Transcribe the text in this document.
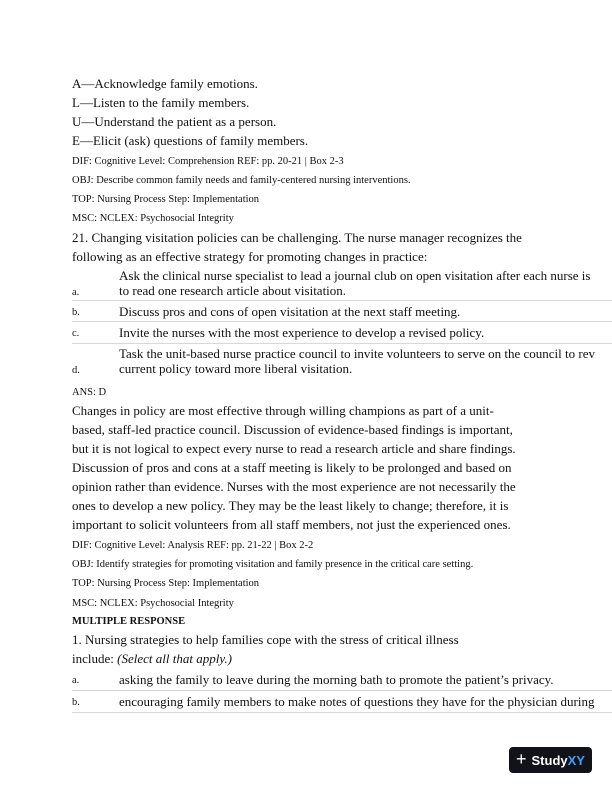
A—Acknowledge family emotions.
L—Listen to the family members.
U—Understand the patient as a person.
E—Elicit (ask) questions of family members.
DIF: Cognitive Level: Comprehension REF: pp. 20-21 | Box 2-3
OBJ: Describe common family needs and family-centered nursing interventions.
TOP: Nursing Process Step: Implementation
MSC: NCLEX: Psychosocial Integrity
21. Changing visitation policies can be challenging. The nurse manager recognizes the
following as an effective strategy for promoting changes in practice:
a.
Ask the clinical nurse specialist to lead a journal club on open visitation after each nurse is
to read one research article about visitation.
b.	Discuss pros and cons of open visitation at the next staff meeting.
c.	Invite the nurses with the most experience to develop a revised policy.
d.
Task the unit-based nurse practice council to invite volunteers to serve on the council to rev
current policy toward more liberal visitation.
ANS: D
Changes in policy are most effective through willing champions as part of a unit-
based, staff-led practice council. Discussion of evidence-based findings is important,
but it is not logical to expect every nurse to read a research article and share findings.
Discussion of pros and cons at a staff meeting is likely to be prolonged and based on
opinion rather than evidence. Nurses with the most experience are not necessarily the
ones to develop a new policy. They may be the least likely to change; therefore, it is
important to solicit volunteers from all staff members, not just the experienced ones.
DIF: Cognitive Level: Analysis REF: pp. 21-22 | Box 2-2
OBJ: Identify strategies for promoting visitation and family presence in the critical care setting.
TOP: Nursing Process Step: Implementation
MSC: NCLEX: Psychosocial Integrity
MULTIPLE RESPONSE
1. Nursing strategies to help families cope with the stress of critical illness
include: (Select all that apply.)
a.	asking the family to leave during the morning bath to promote the patient’s privacy.
b.	encouraging family members to make notes of questions they have for the physician during
+ StudyXY
